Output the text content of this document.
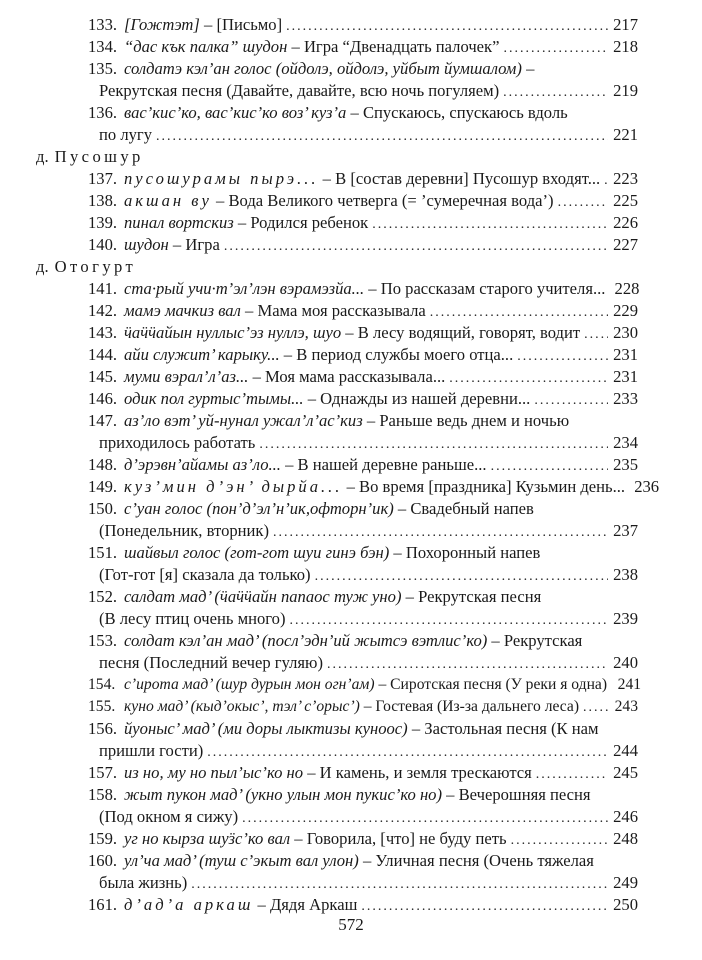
133. [Гожтэт] – [Письмо] .....	217
134. “дас кък палка” шудон – Игра “Двенадцать палочек” .....	218
135. солдатэ кэл’ан голос (ойдолэ, ойдолэ, уйбыт йумшалом) –
Рекрутская песня (Давайте, давайте, всю ночь погуляем) .....	219
136. вас’кис’ко, вас’кис’ко воз’ куз’а – Спускаюсь, спускаюсь вдоль
по лугу .....	221
д. Пусошур
137. пусошурамы пырэ... – В [состав деревни] Пусошур входят... ..... 223
138. акшан ву – Вода Великого четверга (= ’сумеречная вода’) .....	225
139. пинал вортскиз – Родился ребенок .....	226
140. шудон – Игра .....	227
д. Отогурт
141. ста·рый учи·т’эл’лэн вэрамэзйа... – По рассказам старого учителя... 228
142. мамэ мачкиз вал – Мама моя рассказывала .....	229
143. ӵаӵӵайын нуллыс’эз нуллэ, шуо – В лесу водящий, говорят, водит ..... 230
144. айи служит’ карыку... – В период службы моего отца... .....	231
145. муми вэрал’л’аз... – Моя мама рассказывала... .....	231
146. одик пол гуртыс’тымы... – Однажды из нашей деревни... .....	233
147. аз’ло вэт’ уй-нунал ужал’л’ас’киз – Раньше ведь днем и ночью
приходилось работать .....	234
148. д’эрэвн’айамы аз’ло... – В нашей деревне раньше... .....	235
149. куз’мин д’эн’ дырйа... – Во время [праздника] Кузьмин день... 236
150. с’уан голос (пон’д’эл’н’ик,офторн’ик) – Свадебный напев
(Понедельник, вторник) .....	237
151. шайвыл голос (гот-гот шуи гинэ бэн) – Похоронный напев
(Гот-гот [я] сказала да только) .....	238
152. салдат мад’ (ӵаӵӵайн папаос туж уно) – Рекрутская песня
(В лесу птиц очень много) .....	239
153. солдат кэл’ан мад’ (посл’эдн’ий жытсэ вэтлис’ко) – Рекрутская
песня (Последний вечер гуляю) .....	240
154. с’ирота мад’ (шур дурын мон огн’ам) – Сиротская песня (У реки я одна) 241
155. куно мад’ (кыд’окыс’, тэл’ с’орыс’) – Гостевая (Из-за дальнего леса) ..... 243
156. йуоныс’ мад’ (ми доры лыктизы куноос) – Застольная песня (К нам
пришли гости) .....	244
157. из но, му но пыл’ыс’ко но – И камень, и земля трескаются .....	245
158. жыт пукон мад’ (укно улын мон пукис’ко но) – Вечерошняя песня
(Под окном я сижу) .....	246
159. уг но кырза шуӟс’ко вал – Говорила, [что] не буду петь .....	248
160. ул’ча мад’ (туш с’экыт вал улон) – Уличная песня (Очень тяжелая
была жизнь) .....	249
161. д’ад’а аркаш – Дядя Аркаш .....	250
572
